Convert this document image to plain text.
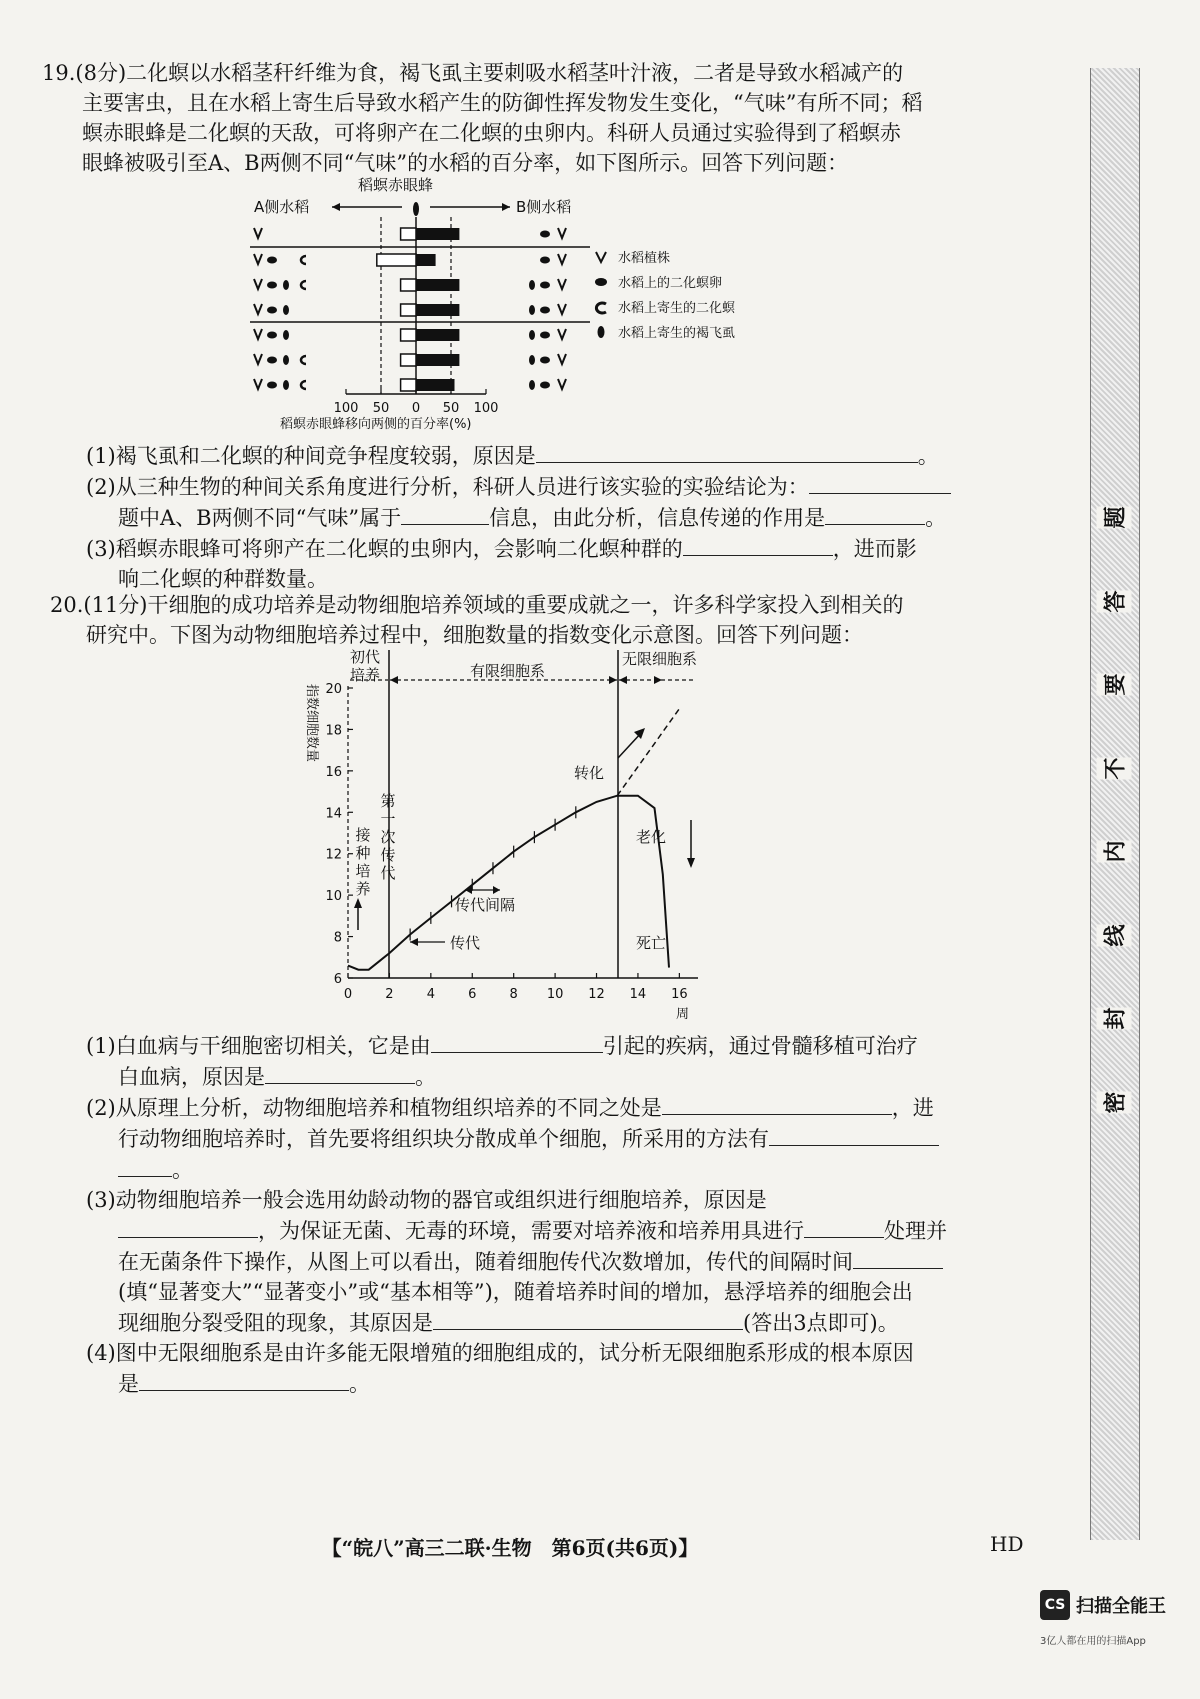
19.(8分)二化螟以水稻茎秆纤维为食，褐飞虱主要刺吸水稻茎叶汁液，二者是导致水稻减产的

主要害虫，且在水稻上寄生后导致水稻产生的防御性挥发物发生变化，“气味”有所不同；稻

螟赤眼蜂是二化螟的天敌，可将卵产在二化螟的虫卵内。科研人员通过实验得到了稻螟赤

眼蜂被吸引至A、B两侧不同“气味”的水稻的百分率，如下图所示。回答下列问题：

稻螟赤眼蜂
A侧水稻	B侧水稻
100 50 0 50 100
稻螟赤眼蜂移向两侧的百分率(%)
水稻植株
水稻上的二化螟卵
水稻上寄生的二化螟
水稻上寄生的褐飞虱

(1)褐飞虱和二化螟的种间竞争程度较弱，原因是	。

(2)从三种生物的种间关系角度进行分析，科研人员进行该实验的实验结论为：

题中A、B两侧不同“气味”属于	信息，由此分析，信息传递的作用是	。

(3)稻螟赤眼蜂可将卵产在二化螟的虫卵内，会影响二化螟种群的	，进而影

响二化螟的种群数量。

20.(11分)干细胞的成功培养是动物细胞培养领域的重要成就之一，许多科学家投入到相关的

研究中。下图为动物细胞培养过程中，细胞数量的指数变化示意图。回答下列问题：

初代
培养	有限细胞系
无限细胞系
指数细胞数量
6
8
10
12
14
16
18
20
0	2	4	6	8 10 12 14 16
周
第
一
次
传
代
接
种
培
养
传代间隔
传代
转化
老化
死亡

(1)白血病与干细胞密切相关，它是由	引起的疾病，通过骨髓移植可治疗

白血病，原因是	。

(2)从原理上分析，动物细胞培养和植物组织培养的不同之处是	，进

行动物细胞培养时，首先要将组织块分散成单个细胞，所采用的方法有

。

(3)动物细胞培养一般会选用幼龄动物的器官或组织进行细胞培养，原因是

，为保证无菌、无毒的环境，需要对培养液和培养用具进行	处理并

在无菌条件下操作，从图上可以看出，随着细胞传代次数增加，传代的间隔时间

(填“显著变大”“显著变小”或“基本相等”)，随着培养时间的增加，悬浮培养的细胞会出

现细胞分裂受阻的现象，其原因是	(答出3点即可)。

(4)图中无限细胞系是由许多能无限增殖的细胞组成的，试分析无限细胞系形成的根本原因

是	。

题
答
要
不
内
线
封
密
【“皖八”高三二联·生物　第6页(共6页)】	HD
CS 扫描全能王
3亿人都在用的扫描App
